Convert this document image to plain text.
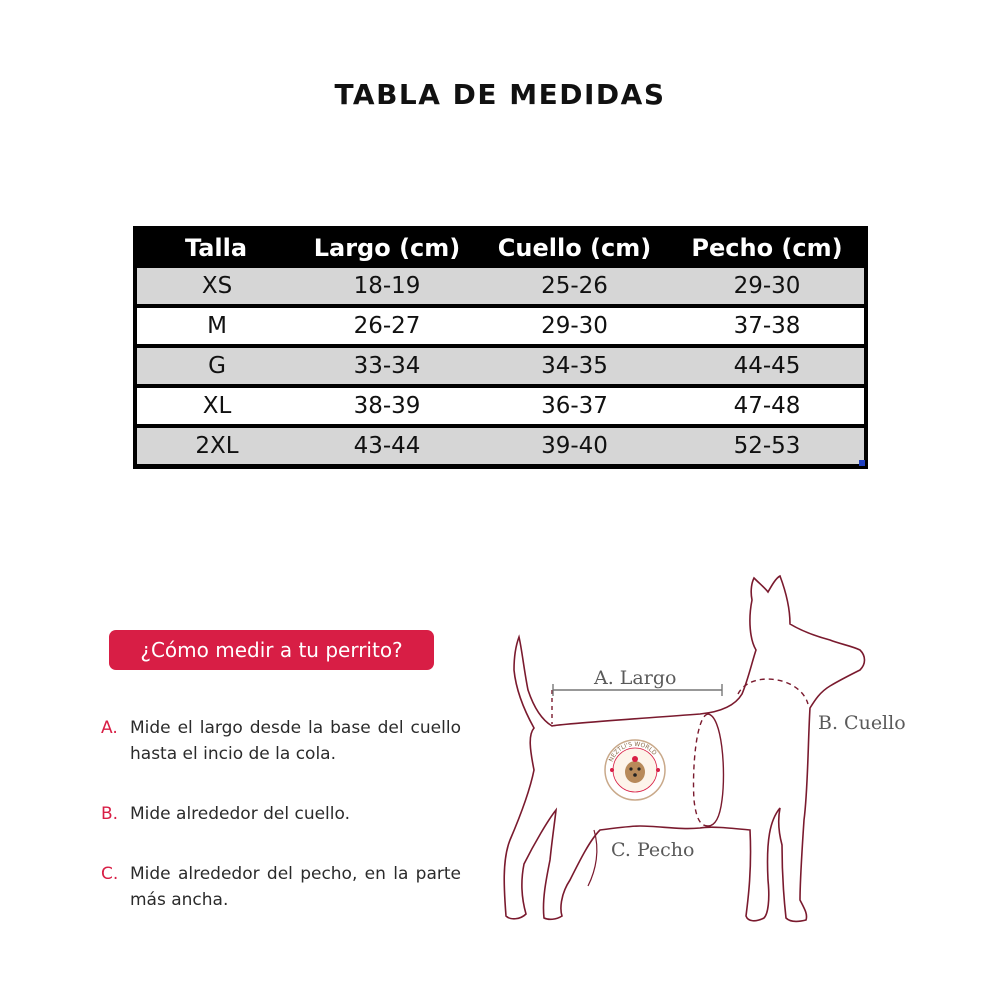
TABLA DE MEDIDAS
Talla	Largo (cm)	Cuello (cm)	Pecho (cm)
XS	18-19	25-26	29-30
M	26-27	29-30	37-38
G	33-34	34-35	44-45
XL	38-39	36-37	47-48
2XL	43-44	39-40	52-53
¿Cómo medir a tu perrito?
A. Mide el largo desde la base del cuello hasta el incio de la cola.
B. Mide alrededor del cuello.
C. Mide alrededor del pecho, en la parte más ancha.
NEZTLI'S WORLD
A. Largo
B. Cuello
C. Pecho
